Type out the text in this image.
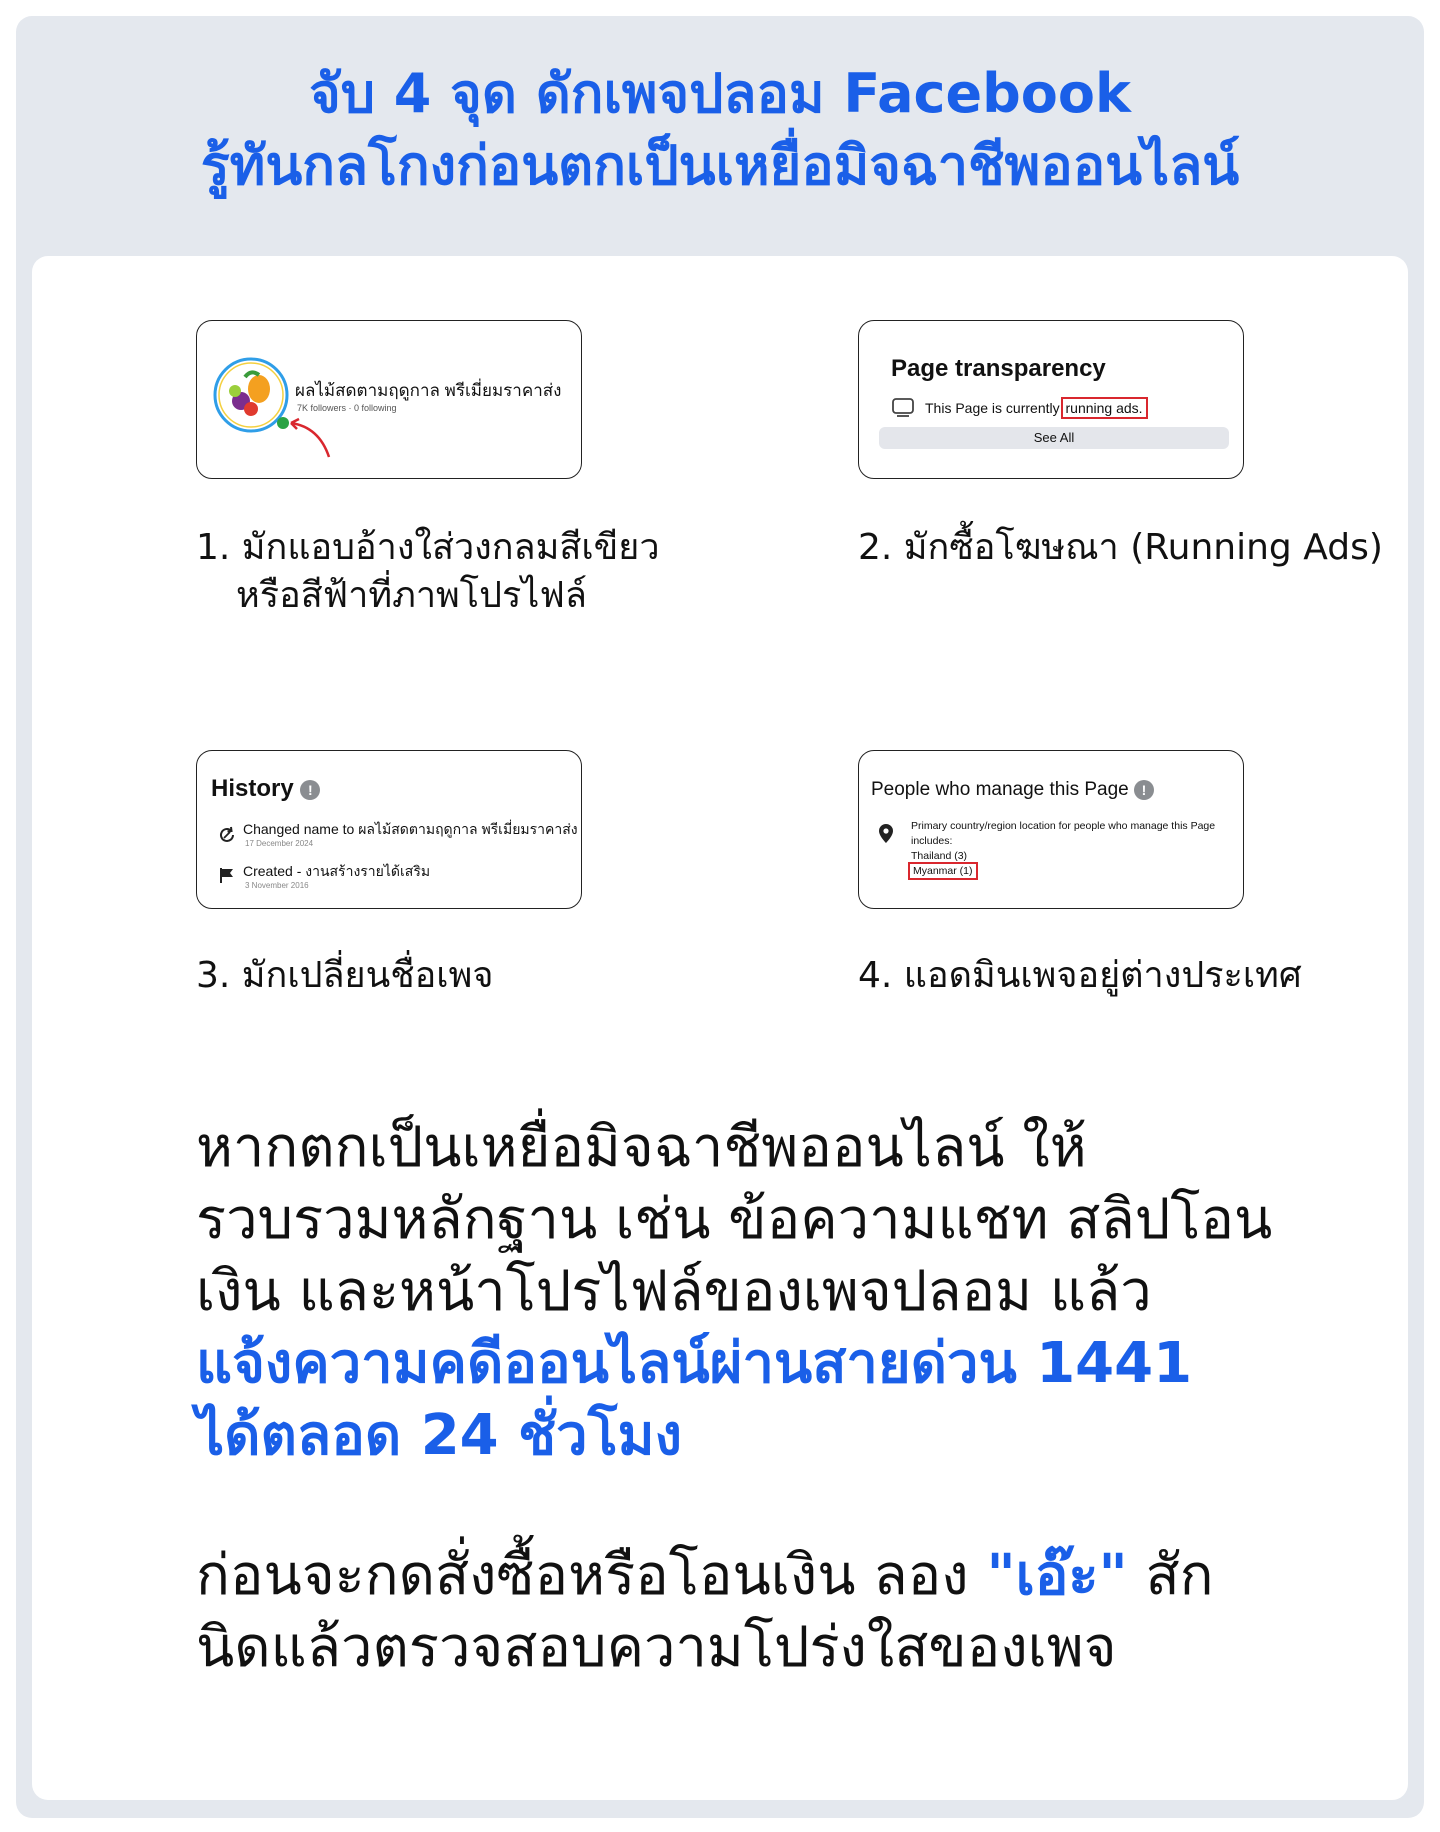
จับ 4 จุด ดักเพจปลอม Facebook
รู้ทันกลโกงก่อนตกเป็นเหยื่อมิจฉาชีพออนไลน์
ผลไม้สดตามฤดูกาล พรีเมี่ยมราคาส่ง
7K followers · 0 following
1. มักแอบอ้างใส่วงกลมสีเขียว
หรือสีฟ้าที่ภาพโปรไฟล์
Page transparency
This Page is currently running ads.
See All
2. มักซื้อโฆษณา (Running Ads)
History !
Changed name to ผลไม้สดตามฤดูกาล พรีเมี่ยมราคาส่ง
17 December 2024
Created - งานสร้างรายได้เสริม
3 November 2016
3. มักเปลี่ยนชื่อเพจ
People who manage this Page !
Primary country/region location for people who manage this Page
includes:
Thailand (3)
Myanmar (1)
4. แอดมินเพจอยู่ต่างประเทศ
หากตกเป็นเหยื่อมิจฉาชีพออนไลน์ ให้
รวบรวมหลักฐาน เช่น ข้อความแชท สลิปโอน
เงิน และหน้าโปรไฟล์ของเพจปลอม แล้ว
แจ้งความคดีออนไลน์ผ่านสายด่วน 1441
ได้ตลอด 24 ชั่วโมง
ก่อนจะกดสั่งซื้อหรือโอนเงิน ลอง "เอ๊ะ" สัก
นิดแล้วตรวจสอบความโปร่งใสของเพจ
